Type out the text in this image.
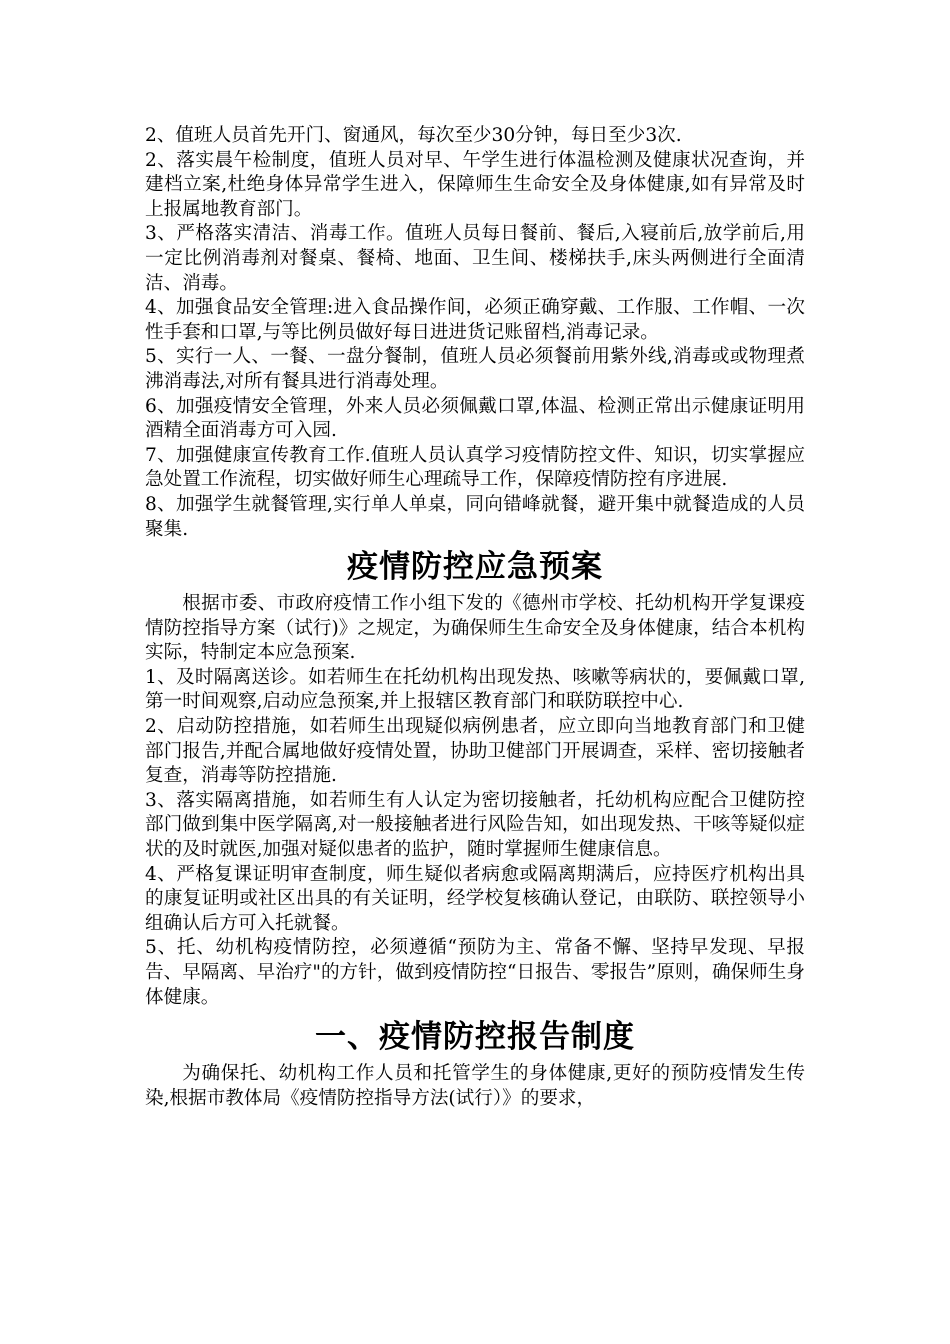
2、值班人员首先开门、窗通风，每次至少30分钟，每日至少3次.

2、落实晨午检制度，值班人员对早、午学生进行体温检测及健康状况查询，并建档立案,杜绝身体异常学生进入，保障师生生命安全及身体健康,如有异常及时上报属地教育部门。

3、严格落实清洁、消毒工作。值班人员每日餐前、餐后,入寝前后,放学前后,用一定比例消毒剂对餐桌、餐椅、地面、卫生间、楼梯扶手,床头两侧进行全面清洁、消毒。

4、加强食品安全管理:进入食品操作间，必须正确穿戴、工作服、工作帽、一次性手套和口罩,与等比例员做好每日进进货记账留档,消毒记录。

5、实行一人、一餐、一盘分餐制，值班人员必须餐前用紫外线,消毒或或物理煮沸消毒法,对所有餐具进行消毒处理。

6、加强疫情安全管理，外来人员必须佩戴口罩,体温、检测正常出示健康证明用酒精全面消毒方可入园.

7、加强健康宣传教育工作.值班人员认真学习疫情防控文件、知识，切实掌握应急处置工作流程，切实做好师生心理疏导工作，保障疫情防控有序进展.

8、加强学生就餐管理,实行单人单桌，同向错峰就餐，避开集中就餐造成的人员聚集.

疫情防控应急预案

根据市委、市政府疫情工作小组下发的《德州市学校、托幼机构开学复课疫情防控指导方案（试行)》之规定，为确保师生生命安全及身体健康，结合本机构实际，特制定本应急预案.

1、及时隔离送诊。如若师生在托幼机构出现发热、咳嗽等病状的，要佩戴口罩,第一时间观察,启动应急预案,并上报辖区教育部门和联防联控中心.

2、启动防控措施，如若师生出现疑似病例患者，应立即向当地教育部门和卫健部门报告,并配合属地做好疫情处置，协助卫健部门开展调查，采样、密切接触者复查，消毒等防控措施.

3、落实隔离措施，如若师生有人认定为密切接触者，托幼机构应配合卫健防控部门做到集中医学隔离,对一般接触者进行风险告知，如出现发热、干咳等疑似症状的及时就医,加强对疑似患者的监护，随时掌握师生健康信息。

4、严格复课证明审查制度，师生疑似者病愈或隔离期满后，应持医疗机构出具的康复证明或社区出具的有关证明，经学校复核确认登记，由联防、联控领导小组确认后方可入托就餐。

5、托、幼机构疫情防控，必须遵循“预防为主、常备不懈、坚持早发现、早报告、早隔离、早治疗"的方针，做到疫情防控“日报告、零报告”原则，确保师生身体健康。

一、疫情防控报告制度

为确保托、幼机构工作人员和托管学生的身体健康,更好的预防疫情发生传染,根据市教体局《疫情防控指导方法(试行）》的要求，
